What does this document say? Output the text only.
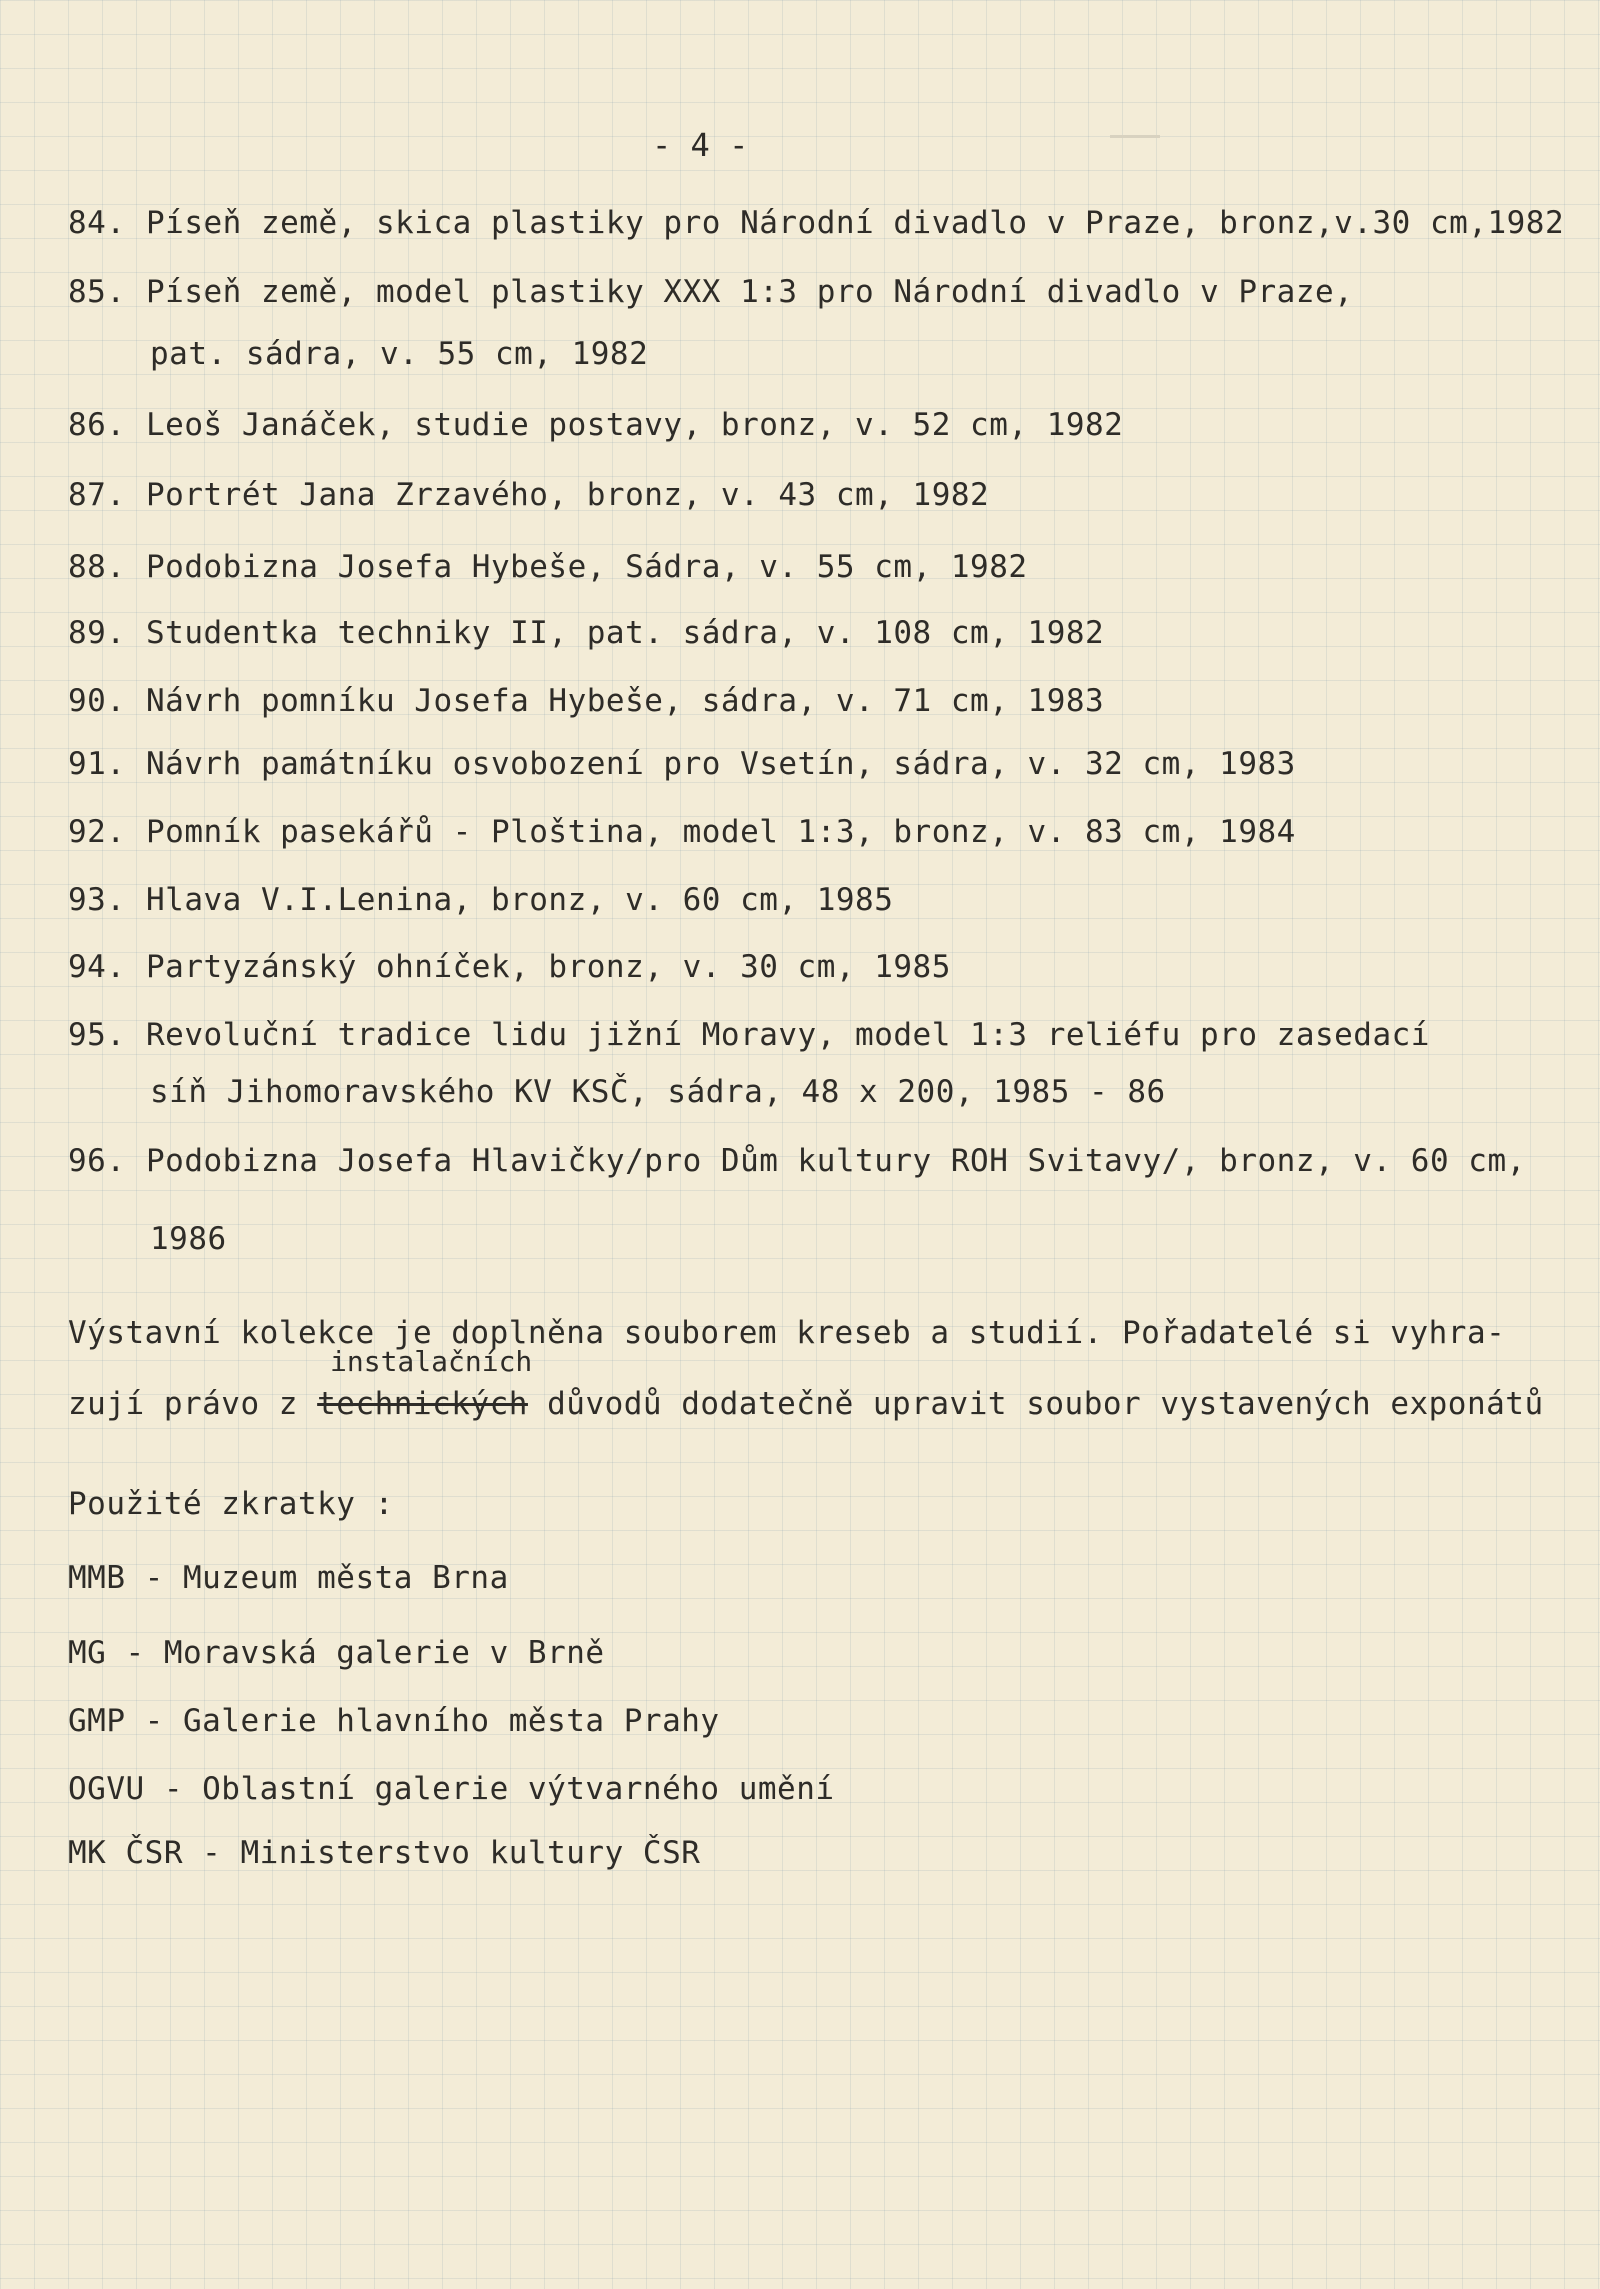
- 4 -
84. Píseň země, skica plastiky pro Národní divadlo v Praze, bronz,v.30 cm,1982
85. Píseň země, model plastiky XXX 1:3 pro Národní divadlo v Praze,
pat. sádra, v. 55 cm, 1982
86. Leoš Janáček, studie postavy, bronz, v. 52 cm, 1982
87. Portrét Jana Zrzavého, bronz, v. 43 cm, 1982
88. Podobizna Josefa Hybeše, Sádra, v. 55 cm, 1982
89. Studentka techniky II, pat. sádra, v. 108 cm, 1982
90. Návrh pomníku Josefa Hybeše, sádra, v. 71 cm, 1983
91. Návrh památníku osvobození pro Vsetín, sádra, v. 32 cm, 1983
92. Pomník pasekářů - Ploština, model 1:3, bronz, v. 83 cm, 1984
93. Hlava V.I.Lenina, bronz, v. 60 cm, 1985
94. Partyzánský ohníček, bronz, v. 30 cm, 1985
95. Revoluční tradice lidu jižní Moravy, model 1:3 reliéfu pro zasedací
síň Jihomoravského KV KSČ, sádra, 48 x 200, 1985 - 86
96. Podobizna Josefa Hlavičky/pro Dům kultury ROH Svitavy/, bronz, v. 60 cm,
1986
Výstavní kolekce je doplněna souborem kreseb a studií. Pořadatelé si vyhra-
instalačních
zují právo z technických důvodů dodatečně upravit soubor vystavených exponátů
Použité zkratky :
MMB - Muzeum města Brna
MG - Moravská galerie v Brně
GMP - Galerie hlavního města Prahy
OGVU - Oblastní galerie výtvarného umění
MK ČSR - Ministerstvo kultury ČSR
